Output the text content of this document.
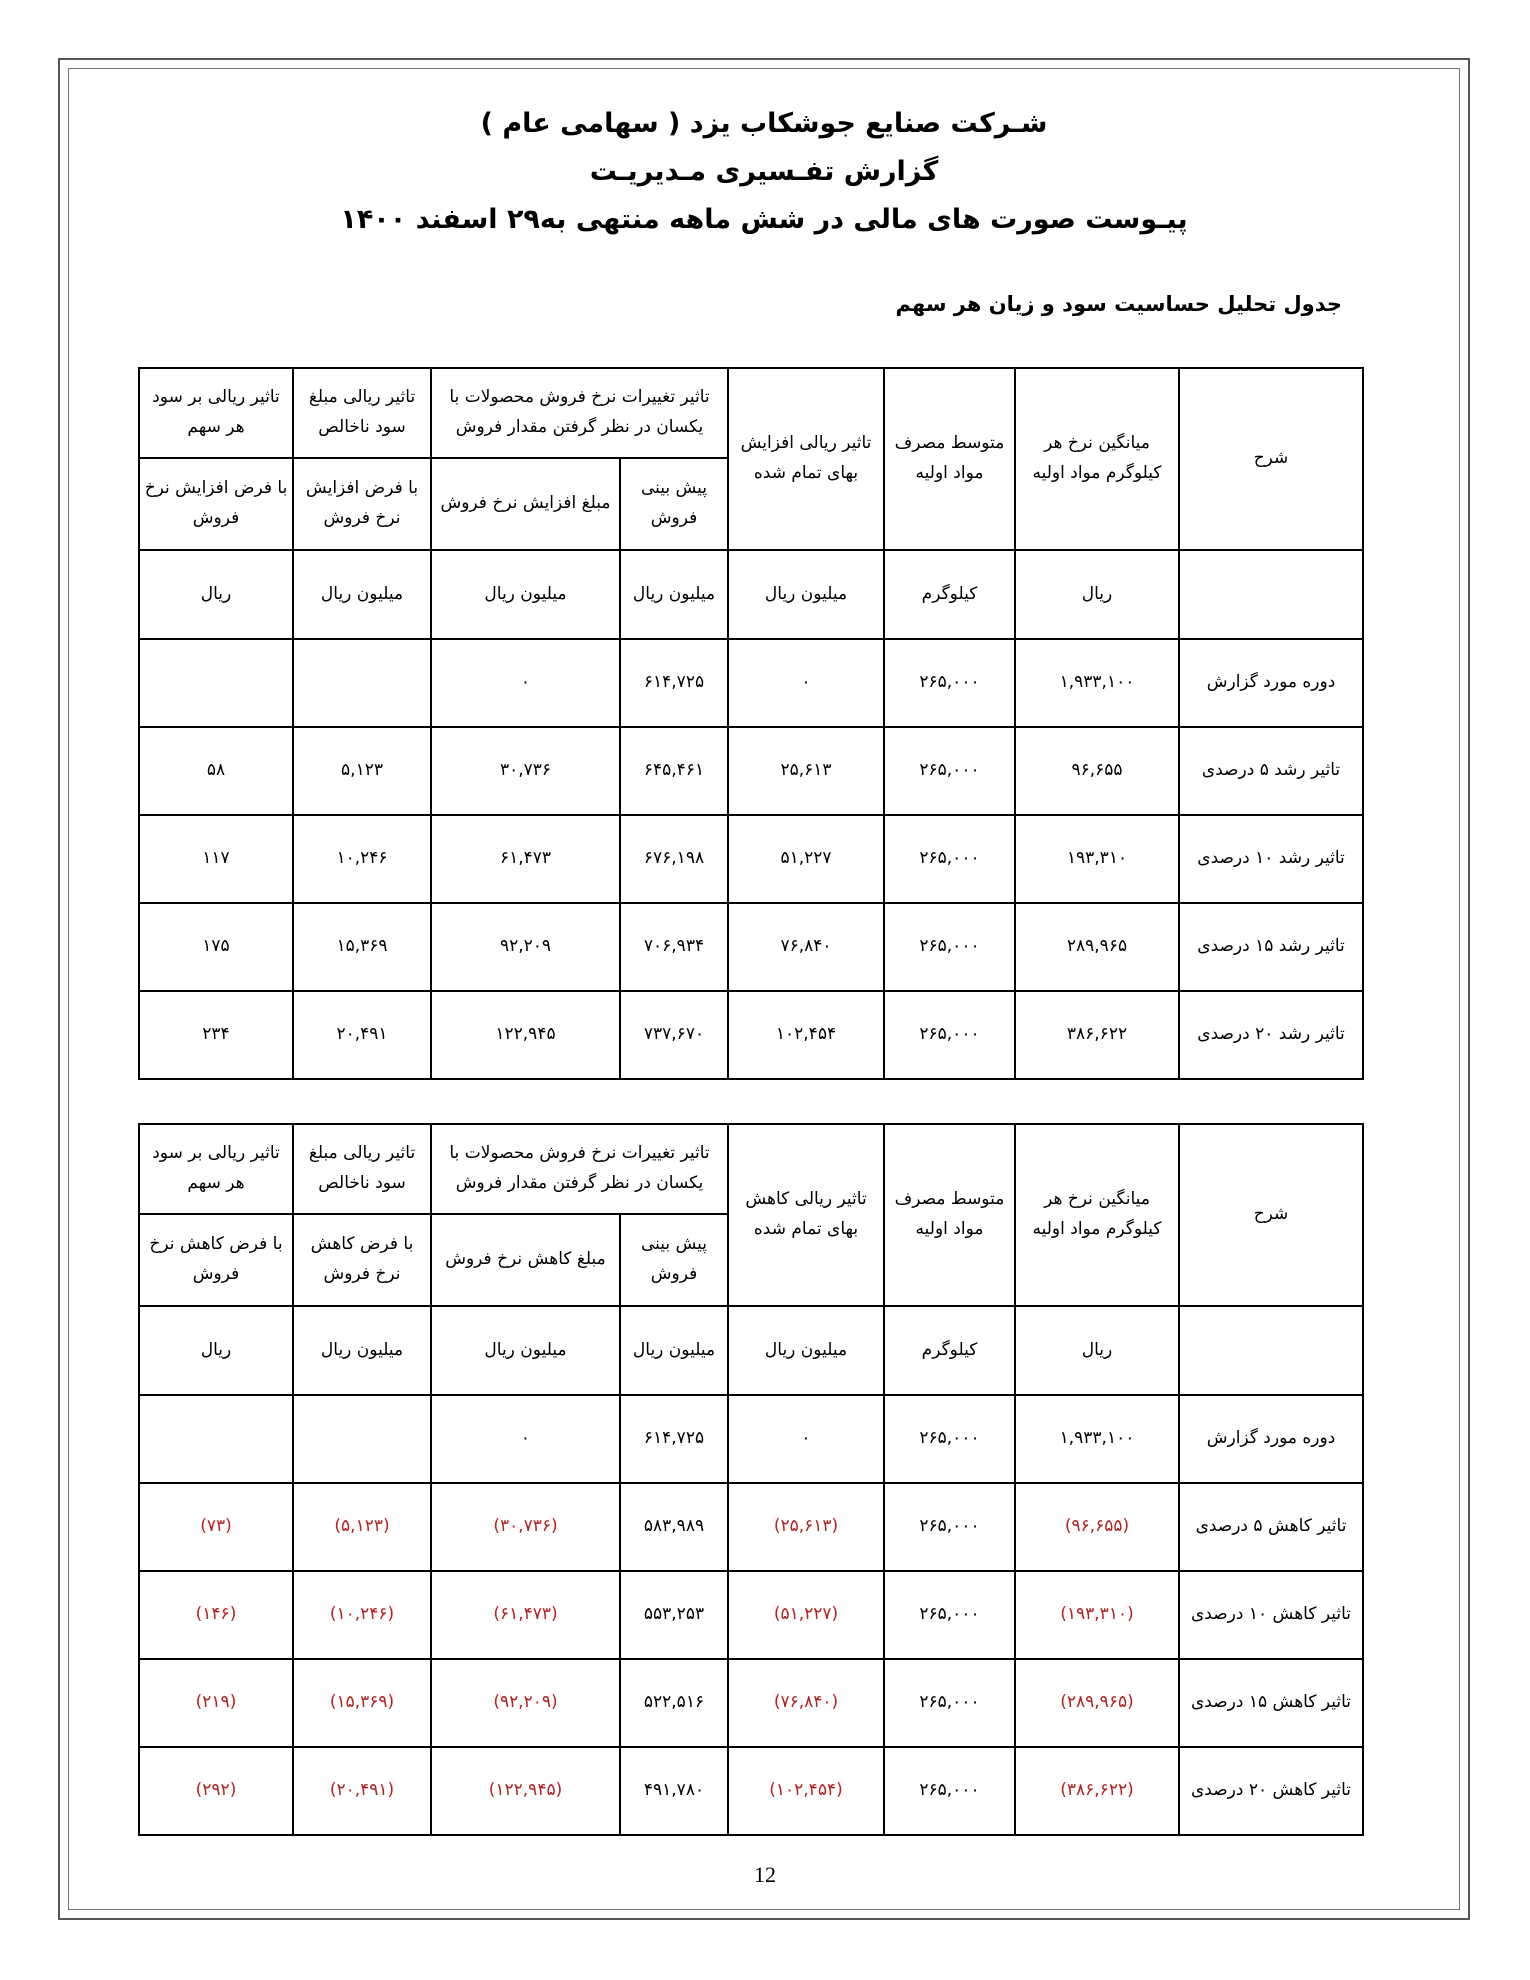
شـرکت صنایع جوشکاب یزد ( سهامی عام )
گزارش تفـسیری مـدیریـت
پیـوست صورت های مالی در شش ماهه منتهی به۲۹ اسفند ۱۴۰۰
جدول تحلیل حساسیت سود و زیان هر سهم
شرح	میانگین نرخ هر کیلوگرم مواد اولیه	متوسط مصرف مواد اولیه	تاثیر ریالی افزایش بهای تمام شده	تاثیر تغییرات نرخ فروش محصولات با یکسان در نظر گرفتن مقدار فروش		تاثیر ریالی مبلغ سود ناخالص	تاثیر ریالی بر سود هر سهم
				پیش بینی فروش	مبلغ افزایش نرخ فروش	با فرض افزایش نرخ فروش	با فرض افزایش نرخ فروش
	ریال	کیلوگرم	میلیون ریال	میلیون ریال	میلیون ریال	میلیون ریال	ریال
دوره مورد گزارش	۱,۹۳۳,۱۰۰	۲۶۵,۰۰۰	۰	۶۱۴,۷۲۵	۰		
تاثیر رشد ۵ درصدی	۹۶,۶۵۵	۲۶۵,۰۰۰	۲۵,۶۱۳	۶۴۵,۴۶۱	۳۰,۷۳۶	۵,۱۲۳	۵۸
تاثیر رشد ۱۰ درصدی	۱۹۳,۳۱۰	۲۶۵,۰۰۰	۵۱,۲۲۷	۶۷۶,۱۹۸	۶۱,۴۷۳	۱۰,۲۴۶	۱۱۷
تاثیر رشد ۱۵ درصدی	۲۸۹,۹۶۵	۲۶۵,۰۰۰	۷۶,۸۴۰	۷۰۶,۹۳۴	۹۲,۲۰۹	۱۵,۳۶۹	۱۷۵
تاثیر رشد ۲۰ درصدی	۳۸۶,۶۲۲	۲۶۵,۰۰۰	۱۰۲,۴۵۴	۷۳۷,۶۷۰	۱۲۲,۹۴۵	۲۰,۴۹۱	۲۳۴
شرح	میانگین نرخ هر کیلوگرم مواد اولیه	متوسط مصرف مواد اولیه	تاثیر ریالی کاهش بهای تمام شده	تاثیر تغییرات نرخ فروش محصولات با یکسان در نظر گرفتن مقدار فروش		تاثیر ریالی مبلغ سود ناخالص	تاثیر ریالی بر سود هر سهم
				پیش بینی فروش	مبلغ کاهش نرخ فروش	با فرض کاهش نرخ فروش	با فرض کاهش نرخ فروش
	ریال	کیلوگرم	میلیون ریال	میلیون ریال	میلیون ریال	میلیون ریال	ریال
دوره مورد گزارش	۱,۹۳۳,۱۰۰	۲۶۵,۰۰۰	۰	۶۱۴,۷۲۵	۰		
تاثیر کاهش ۵ درصدی	(۹۶,۶۵۵)	۲۶۵,۰۰۰	(۲۵,۶۱۳)	۵۸۳,۹۸۹	(۳۰,۷۳۶)	(۵,۱۲۳)	(۷۳)
تاثیر کاهش ۱۰ درصدی	(۱۹۳,۳۱۰)	۲۶۵,۰۰۰	(۵۱,۲۲۷)	۵۵۳,۲۵۳	(۶۱,۴۷۳)	(۱۰,۲۴۶)	(۱۴۶)
تاثیر کاهش ۱۵ درصدی	(۲۸۹,۹۶۵)	۲۶۵,۰۰۰	(۷۶,۸۴۰)	۵۲۲,۵۱۶	(۹۲,۲۰۹)	(۱۵,۳۶۹)	(۲۱۹)
تاثیر کاهش ۲۰ درصدی	(۳۸۶,۶۲۲)	۲۶۵,۰۰۰	(۱۰۲,۴۵۴)	۴۹۱,۷۸۰	(۱۲۲,۹۴۵)	(۲۰,۴۹۱)	(۲۹۲)
12
